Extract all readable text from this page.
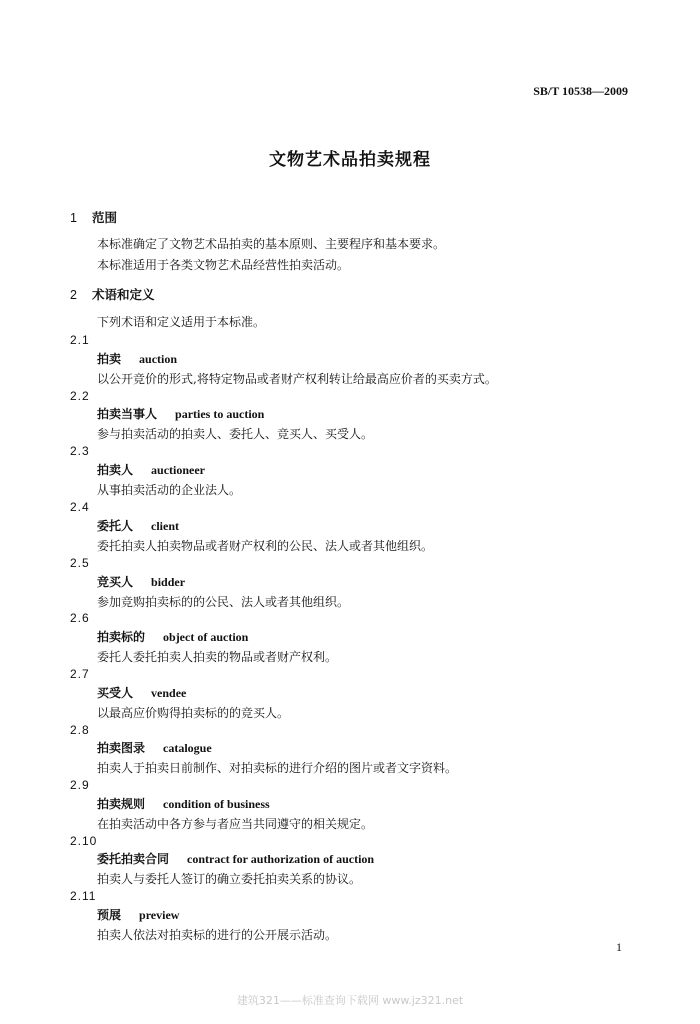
SB/T 10538—2009
文物艺术品拍卖规程
1 范围
本标准确定了文物艺术品拍卖的基本原则、主要程序和基本要求。
本标准适用于各类文物艺术品经营性拍卖活动。
2 术语和定义
下列术语和定义适用于本标准。
2.1
拍卖 auction
以公开竞价的形式,将特定物品或者财产权利转让给最高应价者的买卖方式。
2.2
拍卖当事人 parties to auction
参与拍卖活动的拍卖人、委托人、竞买人、买受人。
2.3
拍卖人 auctioneer
从事拍卖活动的企业法人。
2.4
委托人 client
委托拍卖人拍卖物品或者财产权利的公民、法人或者其他组织。
2.5
竞买人 bidder
参加竞购拍卖标的的公民、法人或者其他组织。
2.6
拍卖标的 object of auction
委托人委托拍卖人拍卖的物品或者财产权利。
2.7
买受人 vendee
以最高应价购得拍卖标的的竞买人。
2.8
拍卖图录 catalogue
拍卖人于拍卖日前制作、对拍卖标的进行介绍的图片或者文字资料。
2.9
拍卖规则 condition of business
在拍卖活动中各方参与者应当共同遵守的相关规定。
2.10
委托拍卖合同 contract for authorization of auction
拍卖人与委托人签订的确立委托拍卖关系的协议。
2.11
预展 preview
拍卖人依法对拍卖标的进行的公开展示活动。
1
建筑321——标准查询下载网 www.jz321.net
